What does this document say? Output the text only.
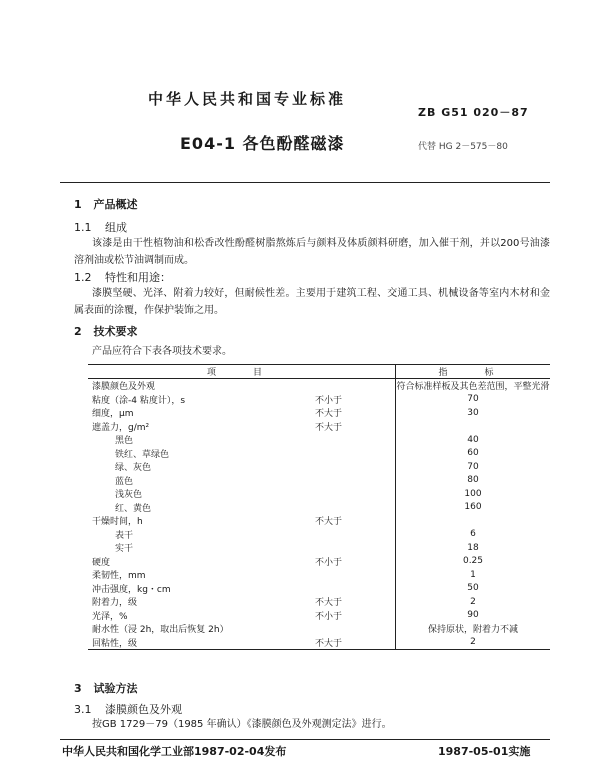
中华人民共和国专业标准
ZB G51 020－87
E04-1 各色酚醛磁漆	代替 HG 2－575－80
1 产品概述
1.1 组成
该漆是由干性植物油和松香改性酚醛树脂熬炼后与颜料及体质颜料研磨，加入催干剂，并以200号油漆溶剂油或松节油调制而成。
1.2 特性和用途：
漆膜坚硬、光泽、附着力较好，但耐候性差。主要用于建筑工程、交通工具、机械设备等室内木材和金属表面的涂覆，作保护装饰之用。
2 技术要求
产品应符合下表各项技术要求。
项　目		指　标
漆膜颜色及外观		符合标准样板及其色差范围，平整光滑
粘度（涂-4 粘度计），s	不小于	70
细度，μm	不大于	30
遮盖力，g/m²	不大于	
黑色		40
铁红、草绿色		60
绿、灰色		70
蓝色		80
浅灰色		100
红、黄色		160
干燥时间，h	不大于	
表干		6
实干		18
硬度	不小于	0.25
柔韧性，mm		1
冲击强度，kg・cm		50
附着力，级	不大于	2
光泽，%	不小于	90
耐水性（浸 2h，取出后恢复 2h）		保持原状，附着力不减
回粘性，级	不大于	2
3 试验方法
3.1 漆膜颜色及外观
按GB 1729－79（1985 年确认）《漆膜颜色及外观测定法》进行。
中华人民共和国化学工业部1987-02-04发布	1987-05-01实施
